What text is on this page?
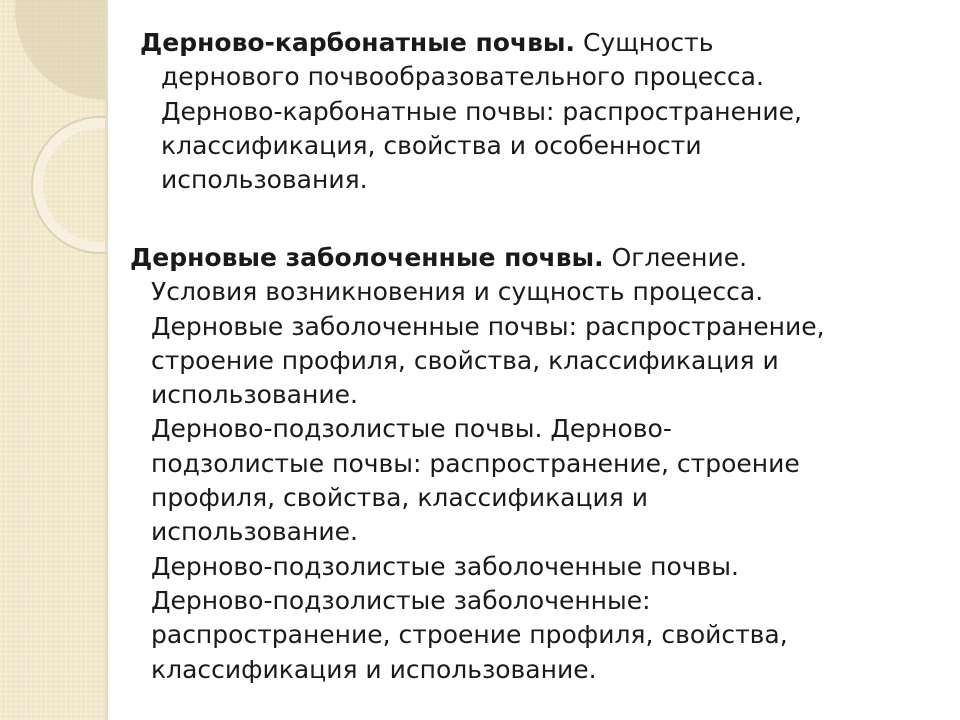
Дерново-карбонатные почвы. Сущность
дернового почвообразовательного процесса.
Дерново-карбонатные почвы: распространение,
классификация, свойства и особенности
использования.
Дерновые заболоченные почвы. Оглеение.
Условия возникновения и сущность процесса.
Дерновые заболоченные почвы: распространение,
строение профиля, свойства, классификация и
использование.
Дерново-подзолистые почвы. Дерново-
подзолистые почвы: распространение, строение
профиля, свойства, классификация и
использование.
Дерново-подзолистые заболоченные почвы.
Дерново-подзолистые заболоченные:
распространение, строение профиля, свойства,
классификация и использование.
